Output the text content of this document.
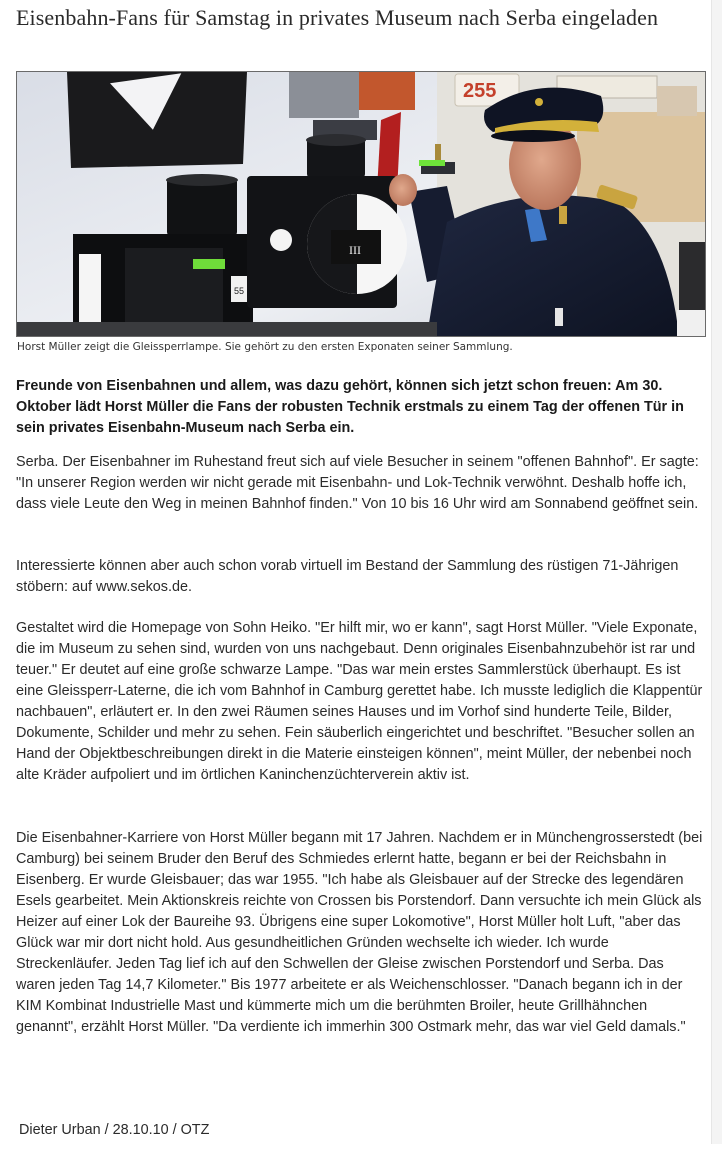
Eisenbahn-Fans für Samstag in privates Museum nach Serba eingeladen
255
55
III

Horst Müller zeigt die Gleissperrlampe. Sie gehört zu den ersten Exponaten seiner Sammlung.

Freunde von Eisenbahnen und allem, was dazu gehört, können sich jetzt schon freuen: Am 30. Oktober lädt Horst Müller die Fans der robusten Technik erstmals zu einem Tag der offenen Tür in sein privates Eisenbahn-Museum nach Serba ein.

Serba. Der Eisenbahner im Ruhestand freut sich auf viele Besucher in seinem "offenen Bahnhof". Er sagte: "In unserer Region werden wir nicht gerade mit Eisenbahn- und Lok-Technik verwöhnt. Deshalb hoffe ich, dass viele Leute den Weg in meinen Bahnhof finden." Von 10 bis 16 Uhr wird am Sonnabend geöffnet sein.

Interessierte können aber auch schon vorab virtuell im Bestand der Sammlung des rüstigen 71-Jährigen stöbern: auf www.sekos.de.

Gestaltet wird die Homepage von Sohn Heiko. "Er hilft mir, wo er kann", sagt Horst Müller. "Viele Exponate, die im Museum zu sehen sind, wurden von uns nachgebaut. Denn originales Eisenbahnzubehör ist rar und teuer." Er deutet auf eine große schwarze Lampe. "Das war mein erstes Sammlerstück überhaupt. Es ist eine Gleissperr-Laterne, die ich vom Bahnhof in Camburg gerettet habe. Ich musste lediglich die Klappentür nachbauen", erläutert er. In den zwei Räumen seines Hauses und im Vorhof sind hunderte Teile, Bilder, Dokumente, Schilder und mehr zu sehen. Fein säuberlich eingerichtet und beschriftet. "Besucher sollen an Hand der Objektbeschreibungen direkt in die Materie einsteigen können", meint Müller, der nebenbei noch alte Kräder aufpoliert und im örtlichen Kaninchenzüchterverein aktiv ist.

Die Eisenbahner-Karriere von Horst Müller begann mit 17 Jahren. Nachdem er in Münchengrosserstedt (bei Camburg) bei seinem Bruder den Beruf des Schmiedes erlernt hatte, begann er bei der Reichsbahn in Eisenberg. Er wurde Gleisbauer; das war 1955. "Ich habe als Gleisbauer auf der Strecke des legendären Esels gearbeitet. Mein Aktionskreis reichte von Crossen bis Porstendorf. Dann versuchte ich mein Glück als Heizer auf einer Lok der Baureihe 93. Übrigens eine super Lokomotive", Horst Müller holt Luft, "aber das Glück war mir dort nicht hold. Aus gesundheitlichen Gründen wechselte ich wieder. Ich wurde Streckenläufer. Jeden Tag lief ich auf den Schwellen der Gleise zwischen Porstendorf und Serba. Das waren jeden Tag 14,7 Kilometer." Bis 1977 arbeitete er als Weichenschlosser. "Danach begann ich in der KIM Kombinat Industrielle Mast und kümmerte mich um die berühmten Broiler, heute Grillhähnchen genannt", erzählt Horst Müller. "Da verdiente ich immerhin 300 Ostmark mehr, das war viel Geld damals."

Dieter Urban / 28.10.10 / OTZ
